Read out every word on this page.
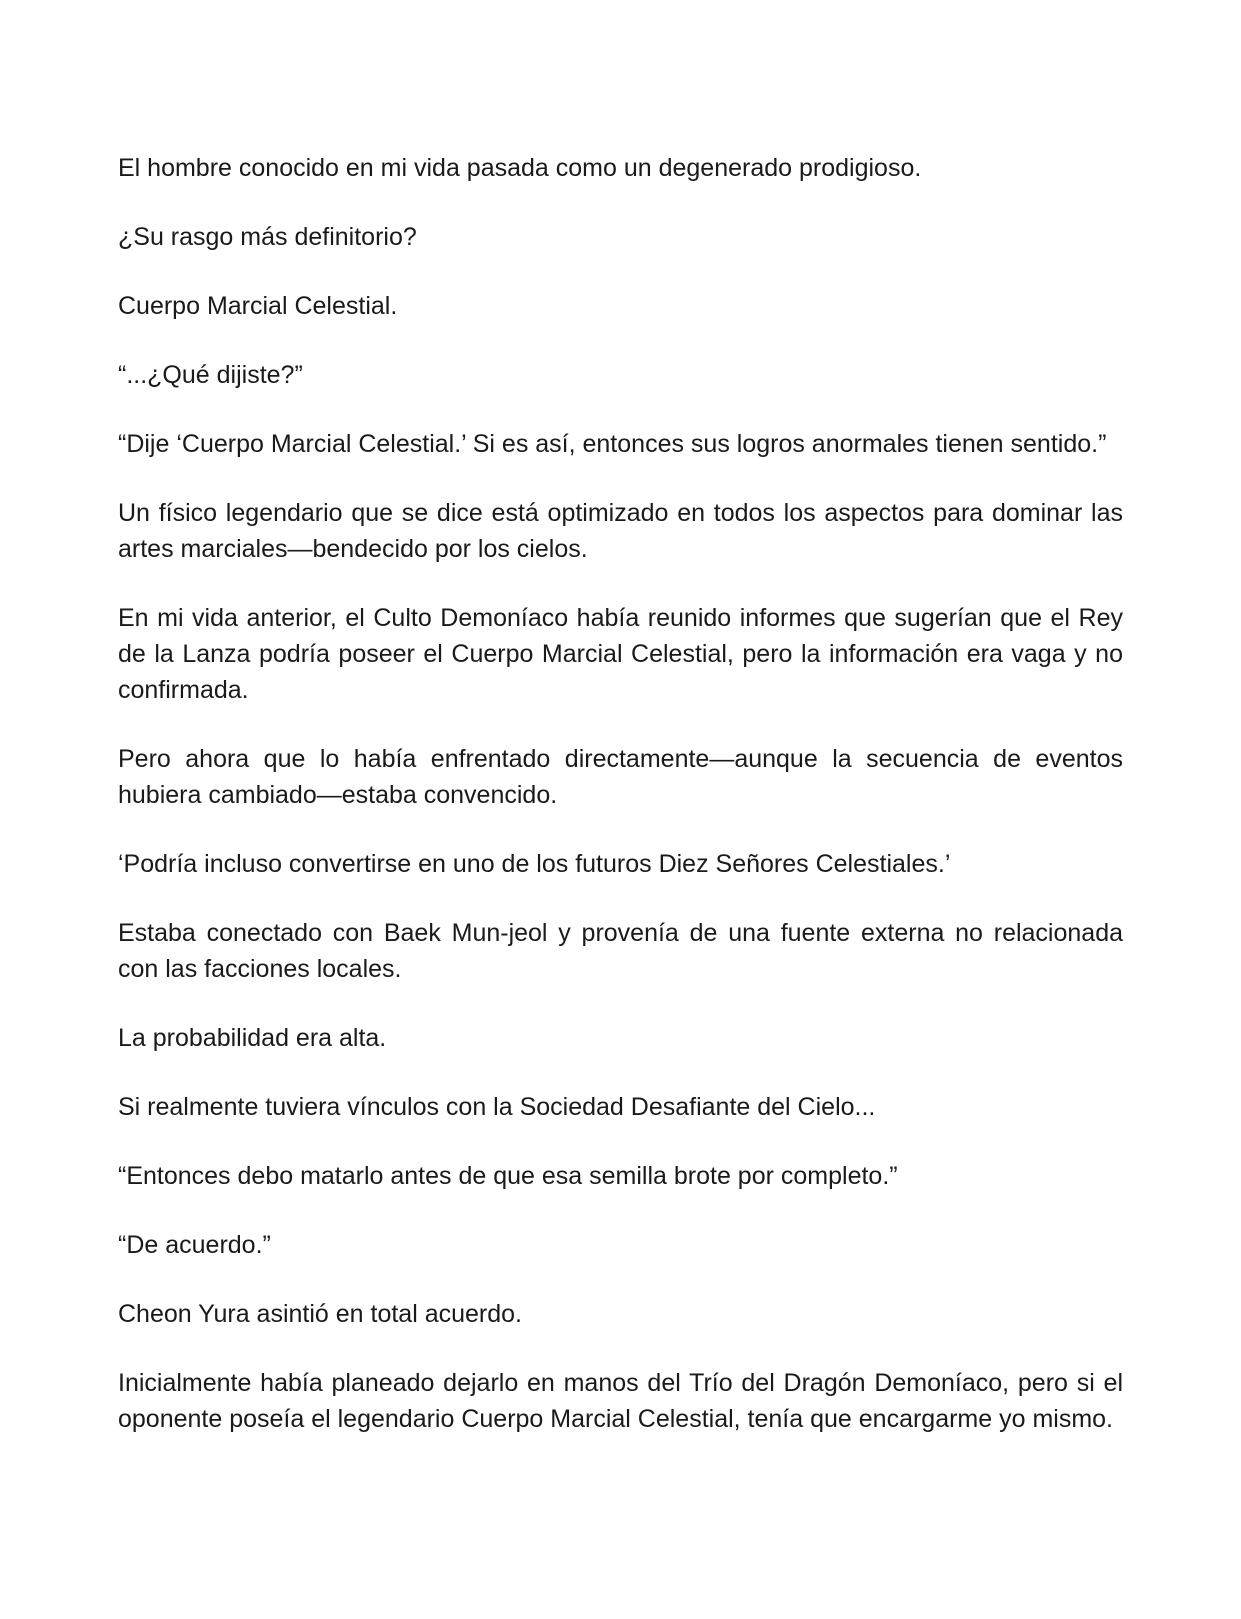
El hombre conocido en mi vida pasada como un degenerado prodigioso.

¿Su rasgo más definitorio?

Cuerpo Marcial Celestial.

“...¿Qué dijiste?”

“Dije ‘Cuerpo Marcial Celestial.’ Si es así, entonces sus logros anormales tienen sentido.”

Un físico legendario que se dice está optimizado en todos los aspectos para dominar las artes marciales—bendecido por los cielos.

En mi vida anterior, el Culto Demoníaco había reunido informes que sugerían que el Rey de la Lanza podría poseer el Cuerpo Marcial Celestial, pero la información era vaga y no confirmada.

Pero ahora que lo había enfrentado directamente—aunque la secuencia de eventos hubiera cambiado—estaba convencido.

‘Podría incluso convertirse en uno de los futuros Diez Señores Celestiales.’

Estaba conectado con Baek Mun-jeol y provenía de una fuente externa no relacionada con las facciones locales.

La probabilidad era alta.

Si realmente tuviera vínculos con la Sociedad Desafiante del Cielo...

“Entonces debo matarlo antes de que esa semilla brote por completo.”

“De acuerdo.”

Cheon Yura asintió en total acuerdo.

Inicialmente había planeado dejarlo en manos del Trío del Dragón Demoníaco, pero si el oponente poseía el legendario Cuerpo Marcial Celestial, tenía que encargarme yo mismo.
